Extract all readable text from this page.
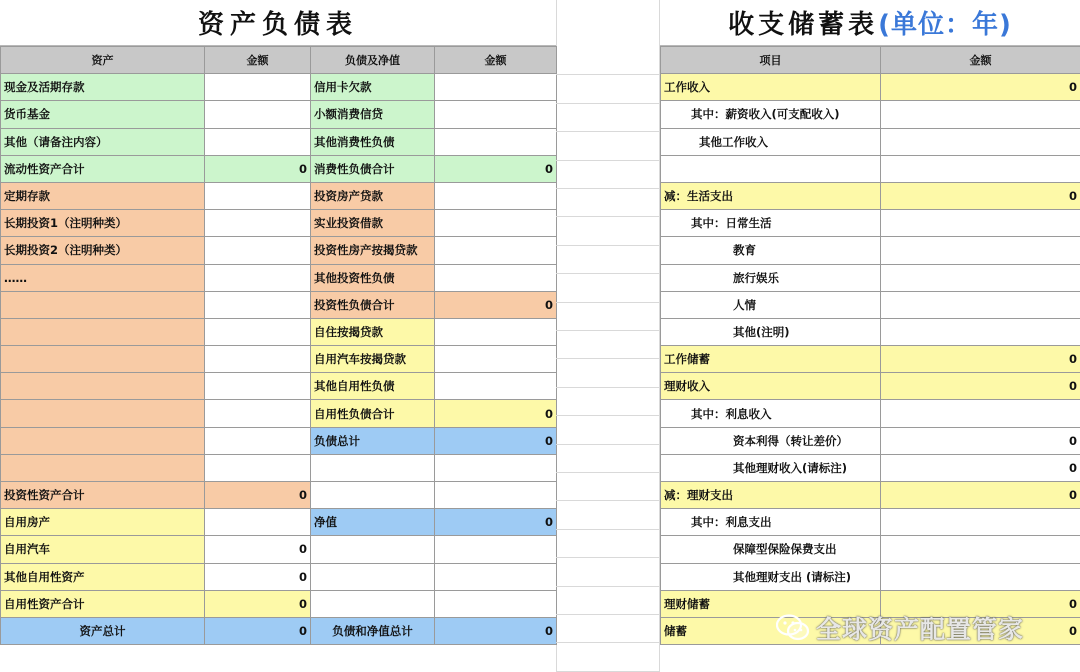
资产负债表	收支储蓄表 (单位：年)
资产	金额	负债及净值	金额
现金及活期存款		信用卡欠款	
货币基金		小额消费信贷	
其他（请备注内容）		其他消费性负债	
流动性资产合计	0	消费性负债合计	0
定期存款		投资房产贷款	
长期投资1（注明种类）		实业投资借款	
长期投资2（注明种类）		投资性房产按揭贷款	
……		其他投资性负债	
		投资性负债合计	0
		自住按揭贷款	
		自用汽车按揭贷款	
		其他自用性负债	
		自用性负债合计	0
		负债总计	0

投资性资产合计	0		
自用房产		净值	0
自用汽车	0		
其他自用性资产	0		
自用性资产合计	0		
资产总计	0	负债和净值总计	0
项目	金额
工作收入	0
其中：薪资收入(可支配收入)	
其他工作收入	

减：生活支出	0
其中：日常生活	
教育	
旅行娱乐	
人情	
其他(注明)	
工作储蓄	0
理财收入	0
其中：利息收入	
资本利得（转让差价）	0
其他理财收入(请标注)	0
减：理财支出	0
其中：利息支出	
保障型保险保费支出	
其他理财支出 (请标注)	
理财储蓄	0
储蓄	0
全球资产配置管家
